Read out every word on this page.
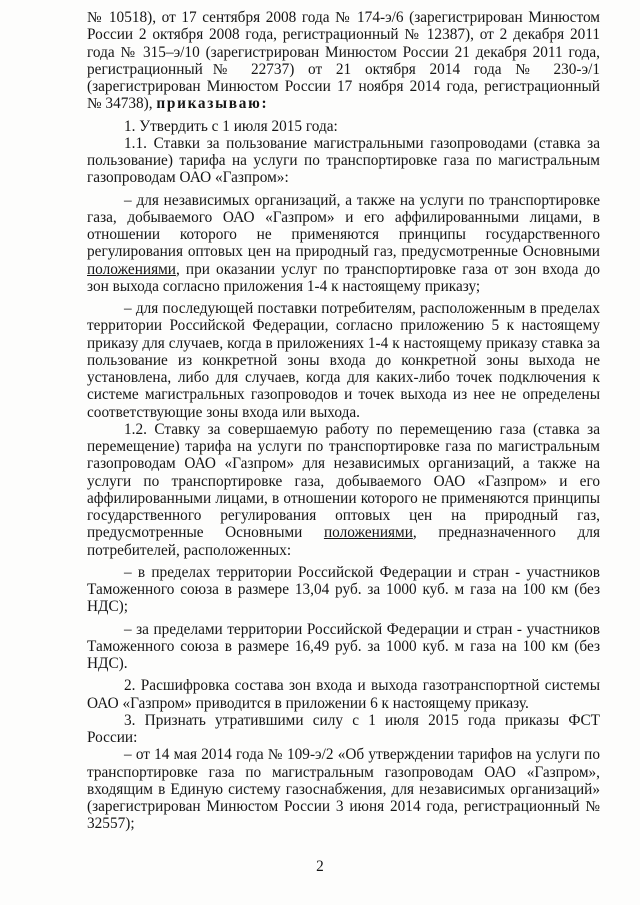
№ 10518), от 17 сентября 2008 года № 174-э/6 (зарегистрирован Минюстом России 2 октября 2008 года, регистрационный № 12387), от 2 декабря 2011 года № 315–э/10 (зарегистрирован Минюстом России 21 декабря 2011 года, регистрационный№ 22737) от 21 октября 2014 года № 230-э/1 (зарегистрирован Минюстом России 17 ноября 2014 года, регистрационный № 34738), приказываю:

1. Утвердить с 1 июля 2015 года:

1.1. Ставки за пользование магистральными газопроводами (ставка за пользование) тарифа на услуги по транспортировке газа по магистральным газопроводам ОАО «Газпром»:

– для независимых организаций, а также на услуги по транспортировке газа, добываемого ОАО «Газпром» и его аффилированными лицами, в отношении которого не применяются принципы государственного регулирования оптовых цен на природный газ, предусмотренные Основными положениями, при оказании услуг по транспортировке газа от зон входа до зон выхода согласно приложения 1-4 к настоящему приказу;

– для последующей поставки потребителям, расположенным в пределах территории Российской Федерации, согласно приложению 5 к настоящему приказу для случаев, когда в приложениях 1-4 к настоящему приказу ставка за пользование из конкретной зоны входа до конкретной зоны выхода не установлена, либо для случаев, когда для каких-либо точек подключения к системе магистральных газопроводов и точек выхода из нее не определены соответствующие зоны входа или выхода.

1.2. Ставку за совершаемую работу по перемещению газа (ставка за перемещение) тарифа на услуги по транспортировке газа по магистральным газопроводам ОАО «Газпром» для независимых организаций, а также на услуги по транспортировке газа, добываемого ОАО «Газпром» и его аффилированными лицами, в отношении которого не применяются принципы государственного регулирования оптовых цен на природный газ, предусмотренные Основными положениями, предназначенного для потребителей, расположенных:

– в пределах территории Российской Федерации и стран - участников Таможенного союза в размере 13,04 руб. за 1000 куб. м газа на 100 км (без НДС);

– за пределами территории Российской Федерации и стран - участников Таможенного союза в размере 16,49 руб. за 1000 куб. м газа на 100 км (без НДС).

2. Расшифровка состава зон входа и выхода газотранспортной системы ОАО «Газпром» приводится в приложении 6 к настоящему приказу.

3. Признать утратившими силу с 1 июля 2015 года приказы ФСТ России:

– от 14 мая 2014 года № 109-э/2 «Об утверждении тарифов на услуги по транспортировке газа по магистральным газопроводам ОАО «Газпром», входящим в Единую систему газоснабжения, для независимых организаций» (зарегистрирован Минюстом России 3 июня 2014 года, регистрационный № 32557);

2
